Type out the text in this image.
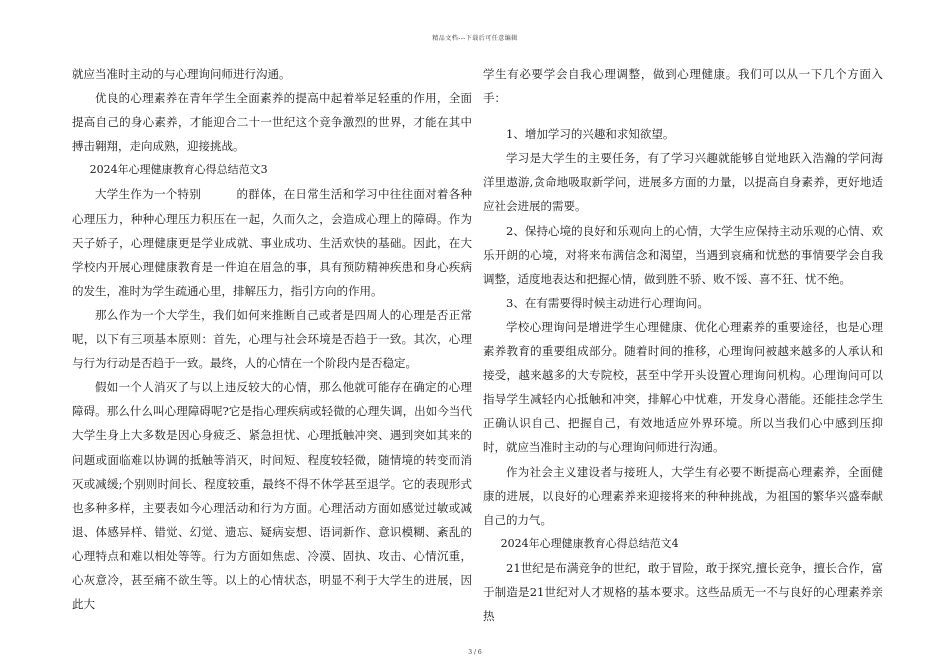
精品文档---下载后可任意编辑

就应当准时主动的与心理询问师进行沟通。

优良的心理素养在青年学生全面素养的提高中起着举足轻重的作用，全面提高自己的身心素养，才能迎合二十一世纪这个竞争激烈的世界，才能在其中搏击翱翔，走向成熟，迎接挑战。

2024年心理健康教育心得总结范文3

大学生作为一个特别　　　的群体，在日常生活和学习中往往面对着各种心理压力，种种心理压力积压在一起，久而久之，会造成心理上的障碍。作为天子娇子，心理健康更是学业成就、事业成功、生活欢快的基础。因此，在大学校内开展心理健康教育是一件迫在眉急的事，具有预防精神疾患和身心疾病的发生，准时为学生疏通心里，排解压力，指引方向的作用。

那么作为一个大学生，我们如何来推断自己或者是四周人的心理是否正常呢，以下有三项基本原则：首先，心理与社会环境是否趋于一致。其次，心理与行为行动是否趋于一致。最终，人的心情在一个阶段内是否稳定。

假如一个人消灭了与以上违反较大的心情，那么他就可能存在确定的心理障碍。那么什么叫心理障碍呢?它是指心理疾病或轻微的心理失调，出如今当代大学生身上大多数是因心身疲乏、紧急担忧、心理抵触冲突、遇到突如其来的问题或面临难以协调的抵触等消灭，时间短、程度较轻微，随情境的转变而消灭或减缓;个别则时间长、程度较重，最终不得不休学甚至退学。它的表现形式也多种多样，主要表如今心理活动和行为方面。心理活动方面如感觉过敏或减退、体感异样、错觉、幻觉、遗忘、疑病妄想、语词新作、意识模糊、紊乱的心理特点和难以相处等等。行为方面如焦虑、冷漠、固执、攻击、心情沉重，心灰意冷，甚至痛不欲生等。以上的心情状态，明显不利于大学生的进展，因此大

学生有必要学会自我心理调整，做到心理健康。我们可以从一下几个方面入手：

1、增加学习的兴趣和求知欲望。

学习是大学生的主要任务，有了学习兴趣就能够自觉地跃入浩瀚的学问海洋里遨游,贪命地吸取新学问，进展多方面的力量，以提高自身素养，更好地适应社会进展的需要。

2、保持心境的良好和乐观向上的心情，大学生应保持主动乐观的心情、欢乐开朗的心境，对将来布满信念和渴望，当遇到哀痛和忧愁的事情要学会自我调整，适度地表达和把握心情，做到胜不骄、败不馁、喜不狂、忧不绝。

3、在有需要得时候主动进行心理询问。

学校心理询问是增进学生心理健康、优化心理素养的重要途径，也是心理素养教育的重要组成部分。随着时间的推移，心理询问被越来越多的人承认和接受，越来越多的大专院校，甚至中学开头设置心理询问机构。心理询问可以指导学生减轻内心抵触和冲突，排解心中忧难，开发身心潜能。还能挂念学生正确认识自己、把握自己，有效地适应外界环境。所以当我们心中感到压抑时，就应当准时主动的与心理询问师进行沟通。

作为社会主义建设者与接班人，大学生有必要不断提高心理素养，全面健康的进展，以良好的心理素养来迎接将来的种种挑战，为祖国的繁华兴盛奉献自己的力气。

2024年心理健康教育心得总结范文4

21世纪是布满竞争的世纪，敢于冒险，敢于探究,擅长竞争，擅长合作，富于制造是21世纪对人才规格的基本要求。这些品质无一不与良好的心理素养亲热

3 / 6
